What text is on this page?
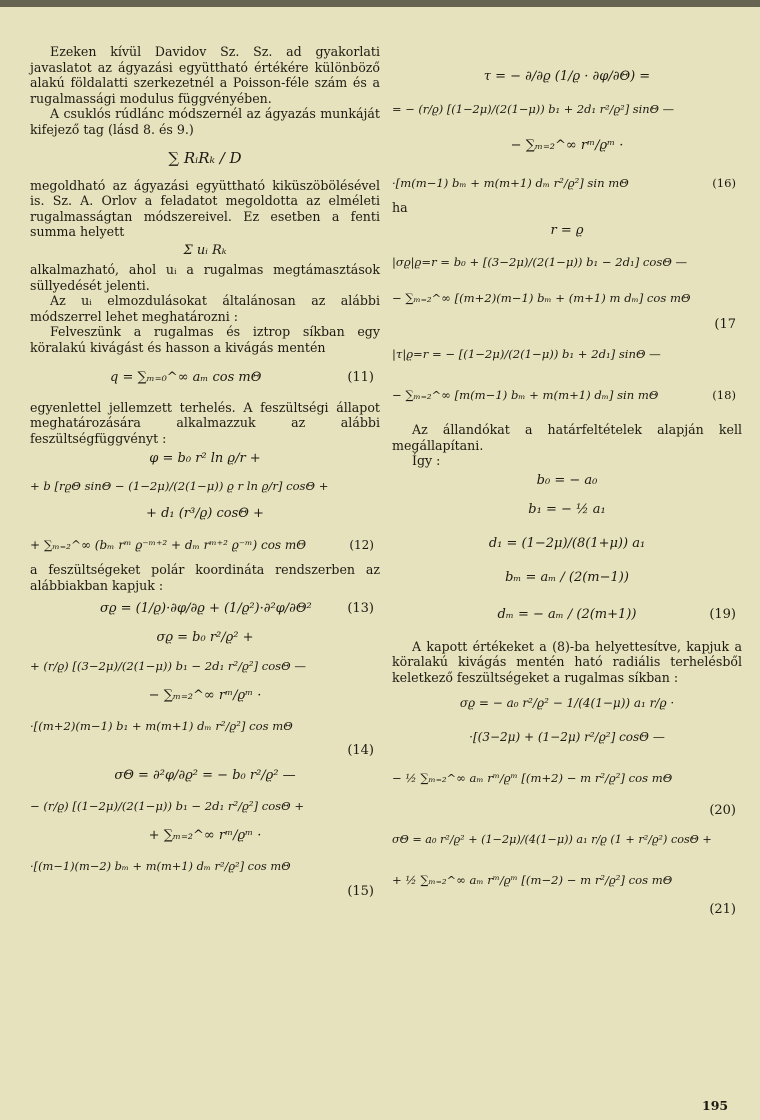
Ezeken kívül Davidov Sz. Sz. ad gyakorlati javaslatot az ágyazási együttható értékére különböző alakú földalatti szerkezetnél a Poisson-féle szám és a rugalmassági modulus függvényében.

A csuklós rúdlánc módszernél az ágyazás munkáját kifejező tag (lásd 8. és 9.)

∑ RᵢRₖ / D

megoldható az ágyazási együttható kiküszöbölésével is. Sz. A. Orlov a feladatot megoldotta az elméleti rugalmasságtan módszereivel. Ez esetben a fenti summa helyett

Σ uᵢ Rₖ

alkalmazható, ahol uᵢ a rugalmas megtámasztások süllyedését jelenti.

Az uᵢ elmozdulásokat általánosan az alábbi módszerrel lehet meghatározni :

Felveszünk a rugalmas és iztrop síkban egy köralakú kivágást és hasson a kivágás mentén

q = ∑ₘ₌₀^∞ aₘ cos mΘ	(11)

egyenlettel jellemzett terhelés. A feszültségi állapot meghatározására alkalmazzuk az alábbi feszültségfüggvényt :

φ = b₀ r² ln ϱ/r +
+ b [rϱΘ sinΘ − (1−2μ)/(2(1−μ)) ϱ r ln ϱ/r] cosΘ +
+ d₁ (r³/ϱ) cosΘ +
+ ∑ₘ₌₂^∞ (bₘ rᵐ ϱ⁻ᵐ⁺² + dₘ rᵐ⁺² ϱ⁻ᵐ) cos mΘ	(12)

a feszültségeket polár koordináta rendszerben az alábbiakban kapjuk :

σϱ = (1/ϱ)·∂φ/∂ϱ + (1/ϱ²)·∂²φ/∂Θ²	(13)
σϱ = b₀ r²/ϱ² +
+ (r/ϱ) [(3−2μ)/(2(1−μ)) b₁ − 2d₁ r²/ϱ²] cosΘ —
− ∑ₘ₌₂^∞ rᵐ/ϱᵐ ·
·[(m+2)(m−1) b₁ + m(m+1) dₘ r²/ϱ²] cos mΘ
(14)
σΘ = ∂²φ/∂ϱ² = − b₀ r²/ϱ² —
− (r/ϱ) [(1−2μ)/(2(1−μ)) b₁ − 2d₁ r²/ϱ²] cosΘ +
+ ∑ₘ₌₂^∞ rᵐ/ϱᵐ ·
·[(m−1)(m−2) bₘ + m(m+1) dₘ r²/ϱ²] cos mΘ
(15)
τ = − ∂/∂ϱ (1/ϱ · ∂φ/∂Θ) =
= − (r/ϱ) [(1−2μ)/(2(1−μ)) b₁ + 2d₁ r²/ϱ²] sinΘ —
− ∑ₘ₌₂^∞ rᵐ/ϱᵐ ·
·[m(m−1) bₘ + m(m+1) dₘ r²/ϱ²] sin mΘ	(16)
ha
r = ϱ
|σϱ|ϱ=r = b₀ + [(3−2μ)/(2(1−μ)) b₁ − 2d₁] cosΘ —
− ∑ₘ₌₂^∞ [(m+2)(m−1) bₘ + (m+1) m dₘ] cos mΘ
(17
|τ|ϱ=r = − [(1−2μ)/(2(1−μ)) b₁ + 2d₁] sinΘ —
− ∑ₘ₌₂^∞ [m(m−1) bₘ + m(m+1) dₘ] sin mΘ	(18)

Az állandókat a határfeltételek alapján kell megállapítani.

Így :

b₀ = − a₀
b₁ = − ½ a₁
d₁ = (1−2μ)/(8(1+μ)) a₁
bₘ = aₘ / (2(m−1))
dₘ = − aₘ / (2(m+1))	(19)

A kapott értékeket a (8)-ba helyettesítve, kapjuk a köralakú kivágás mentén ható radiális terhelésből keletkező feszültségeket a rugalmas síkban :

σϱ = − a₀ r²/ϱ² − 1/(4(1−μ)) a₁ r/ϱ ·
·[(3−2μ) + (1−2μ) r²/ϱ²] cosΘ —
− ½ ∑ₘ₌₂^∞ aₘ rᵐ/ϱᵐ [(m+2) − m r²/ϱ²] cos mΘ
(20)
σΘ = a₀ r²/ϱ² + (1−2μ)/(4(1−μ)) a₁ r/ϱ (1 + r²/ϱ²) cosΘ +
+ ½ ∑ₘ₌₂^∞ aₘ rᵐ/ϱᵐ [(m−2) − m r²/ϱ²] cos mΘ
(21)
195
